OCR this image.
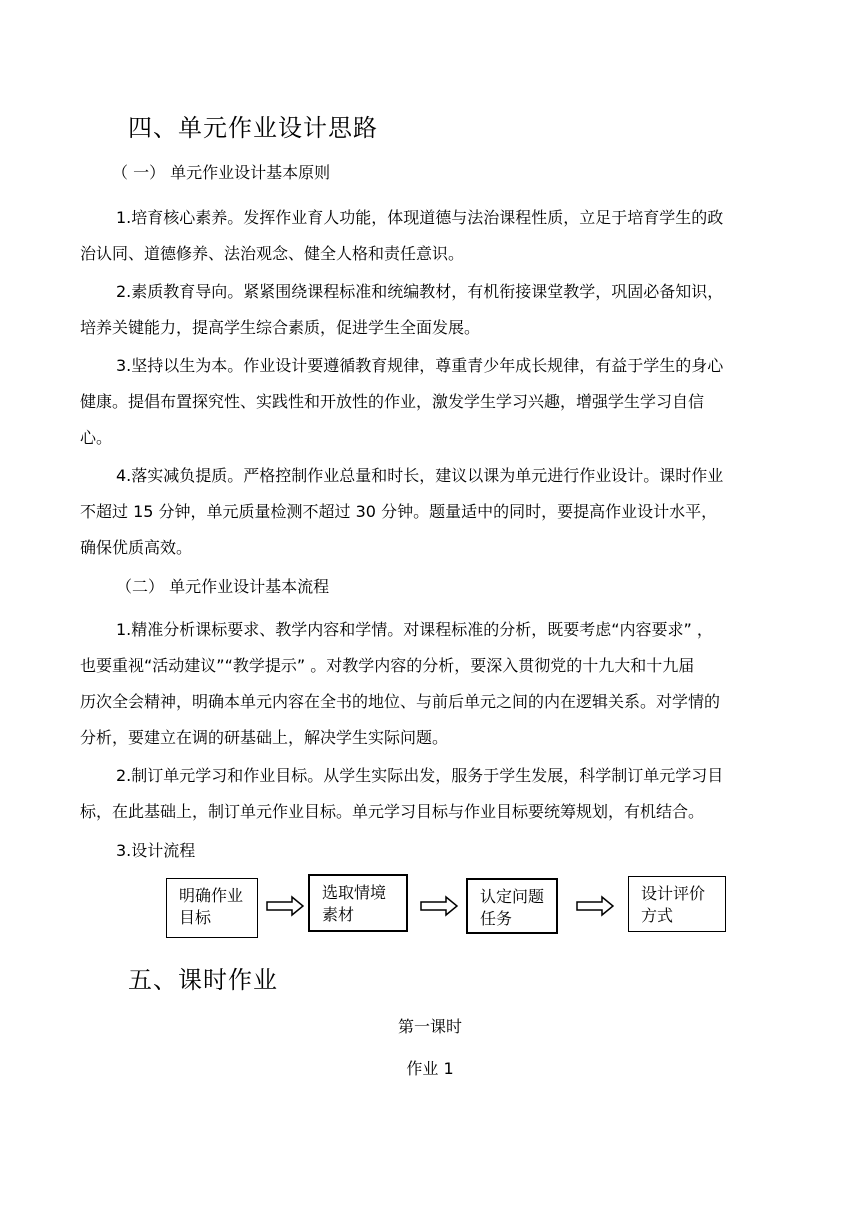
四、单元作业设计思路
（ 一） 单元作业设计基本原则
1.培育核心素养。发挥作业育人功能，体现道德与法治课程性质，立足于培育学生的政
治认同、道德修养、法治观念、健全人格和责任意识。
2.素质教育导向。紧紧围绕课程标准和统编教材，有机衔接课堂教学，巩固必备知识，
培养关键能力，提高学生综合素质，促进学生全面发展。
3.坚持以生为本。作业设计要遵循教育规律，尊重青少年成长规律，有益于学生的身心
健康。提倡布置探究性、实践性和开放性的作业，激发学生学习兴趣，增强学生学习自信
心。
4.落实减负提质。严格控制作业总量和时长，建议以课为单元进行作业设计。课时作业
不超过 15 分钟，单元质量检测不超过 30 分钟。题量适中的同时，要提高作业设计水平，
确保优质高效。
（二） 单元作业设计基本流程
1.精准分析课标要求、教学内容和学情。对课程标准的分析，既要考虑“内容要求” ，
也要重视“活动建议”“教学提示” 。对教学内容的分析，要深入贯彻党的十九大和十九届
历次全会精神，明确本单元内容在全书的地位、与前后单元之间的内在逻辑关系。对学情的
分析，要建立在调的研基础上，解决学生实际问题。
2.制订单元学习和作业目标。从学生实际出发，服务于学生发展，科学制订单元学习目
标，在此基础上，制订单元作业目标。单元学习目标与作业目标要统筹规划，有机结合。
3.设计流程
明确作业
目标
选取情境
素材
认定问题
任务
设计评价
方式
五、课时作业
第一课时
作业 1
